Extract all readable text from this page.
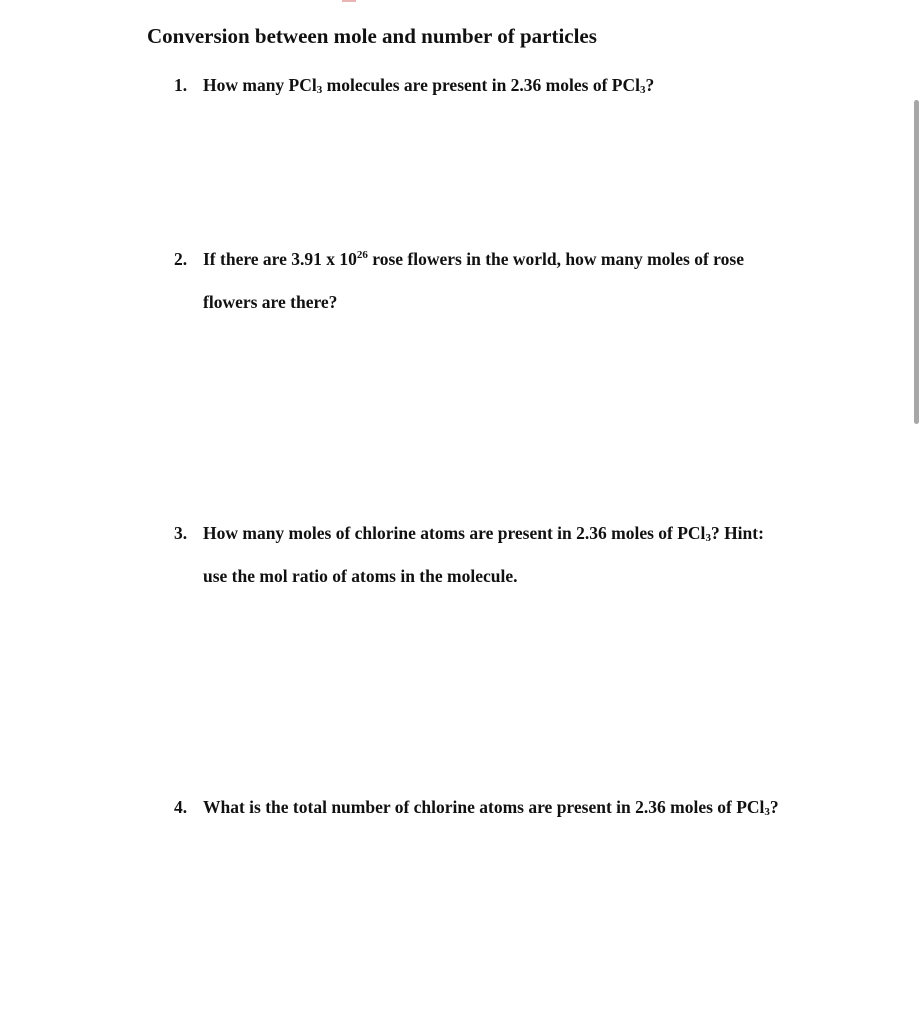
Conversion between mole and number of particles
1. How many PCl$_3$ molecules are present in 2.36 moles of PCl$_3$?
2. If there are 3.91 x $10^{26}$ rose flowers in the world, how many moles of rose
flowers are there?
3. How many moles of chlorine atoms are present in 2.36 moles of PCl$_3$? Hint:
use the mol ratio of atoms in the molecule.
4. What is the total number of chlorine atoms are present in 2.36 moles of PCl$_3$?
